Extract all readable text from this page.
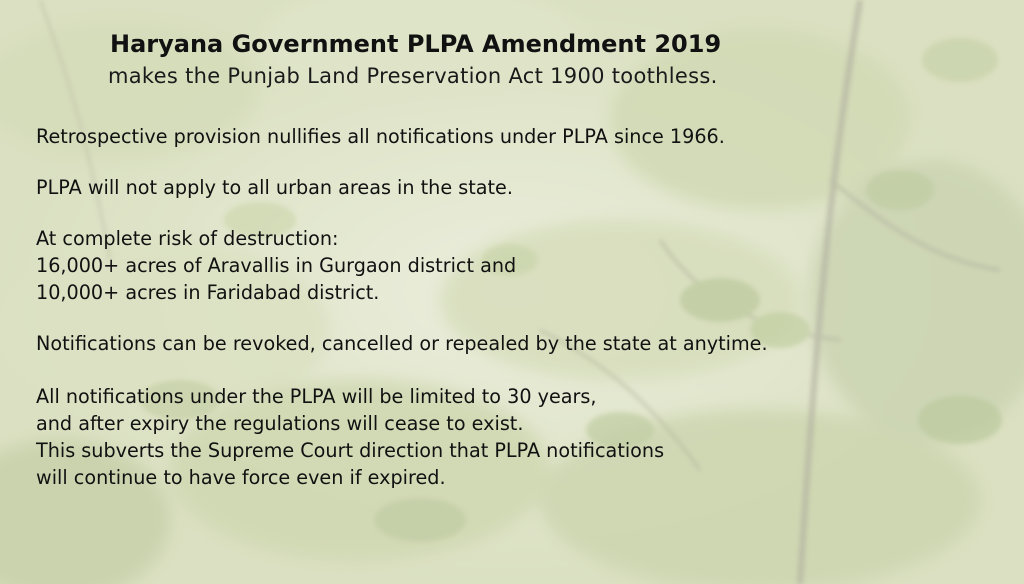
Haryana Government PLPA Amendment 2019
makes the Punjab Land Preservation Act 1900 toothless.
Retrospective provision nullifies all notifications under PLPA since 1966.
PLPA will not apply to all urban areas in the state.
At complete risk of destruction:
16,000+ acres of Aravallis in Gurgaon district and
10,000+ acres in Faridabad district.
Notifications can be revoked, cancelled or repealed by the state at anytime.
All notifications under the PLPA will be limited to 30 years,
and after expiry the regulations will cease to exist.
This subverts the Supreme Court direction that PLPA notifications
will continue to have force even if expired.
